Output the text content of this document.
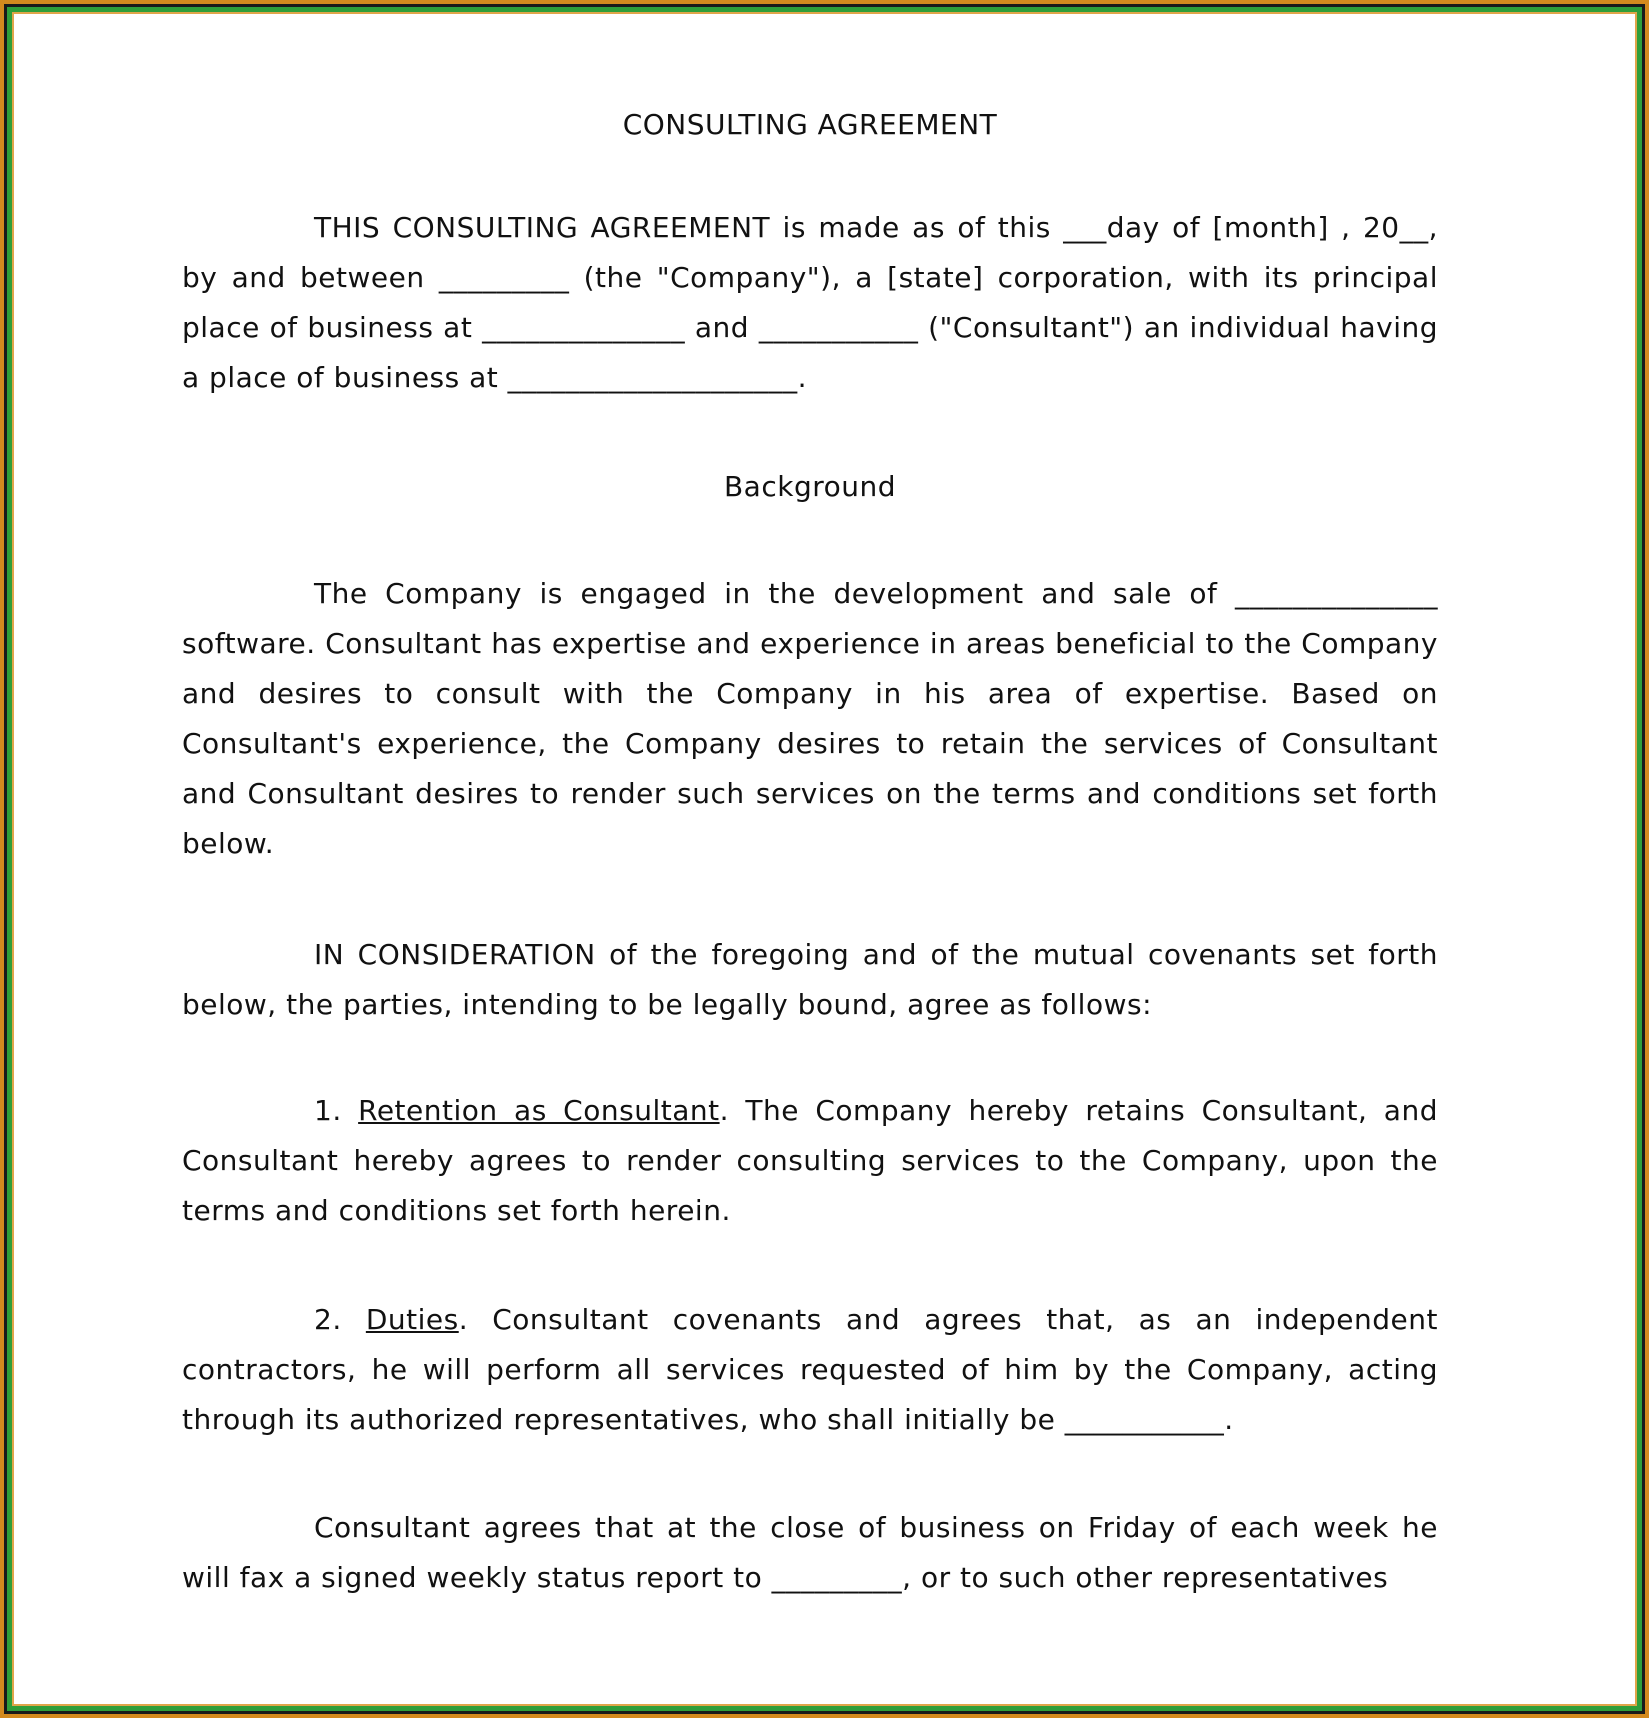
CONSULTING AGREEMENT

THIS CONSULTING AGREEMENT is made as of this ___day of [month] , 20__, by and between _________ (the "Company"), a [state] corporation, with its principal place of business at ______________ and ___________ ("Consultant") an individual having a place of business at ____________________.

Background

The Company is engaged in the development and sale of ______________ software. Consultant has expertise and experience in areas beneficial to the Company and desires to consult with the Company in his area of expertise. Based on Consultant's experience, the Company desires to retain the services of Consultant and Consultant desires to render such services on the terms and conditions set forth below.

IN CONSIDERATION of the foregoing and of the mutual covenants set forth below, the parties, intending to be legally bound, agree as follows:

1. Retention as Consultant. The Company hereby retains Consultant, and Consultant hereby agrees to render consulting services to the Company, upon the terms and conditions set forth herein.

2. Duties. Consultant covenants and agrees that, as an independent contractors, he will perform all services requested of him by the Company, acting through its authorized representatives, who shall initially be ___________.

Consultant agrees that at the close of business on Friday of each week he will fax a signed weekly status report to _________, or to such other representatives
